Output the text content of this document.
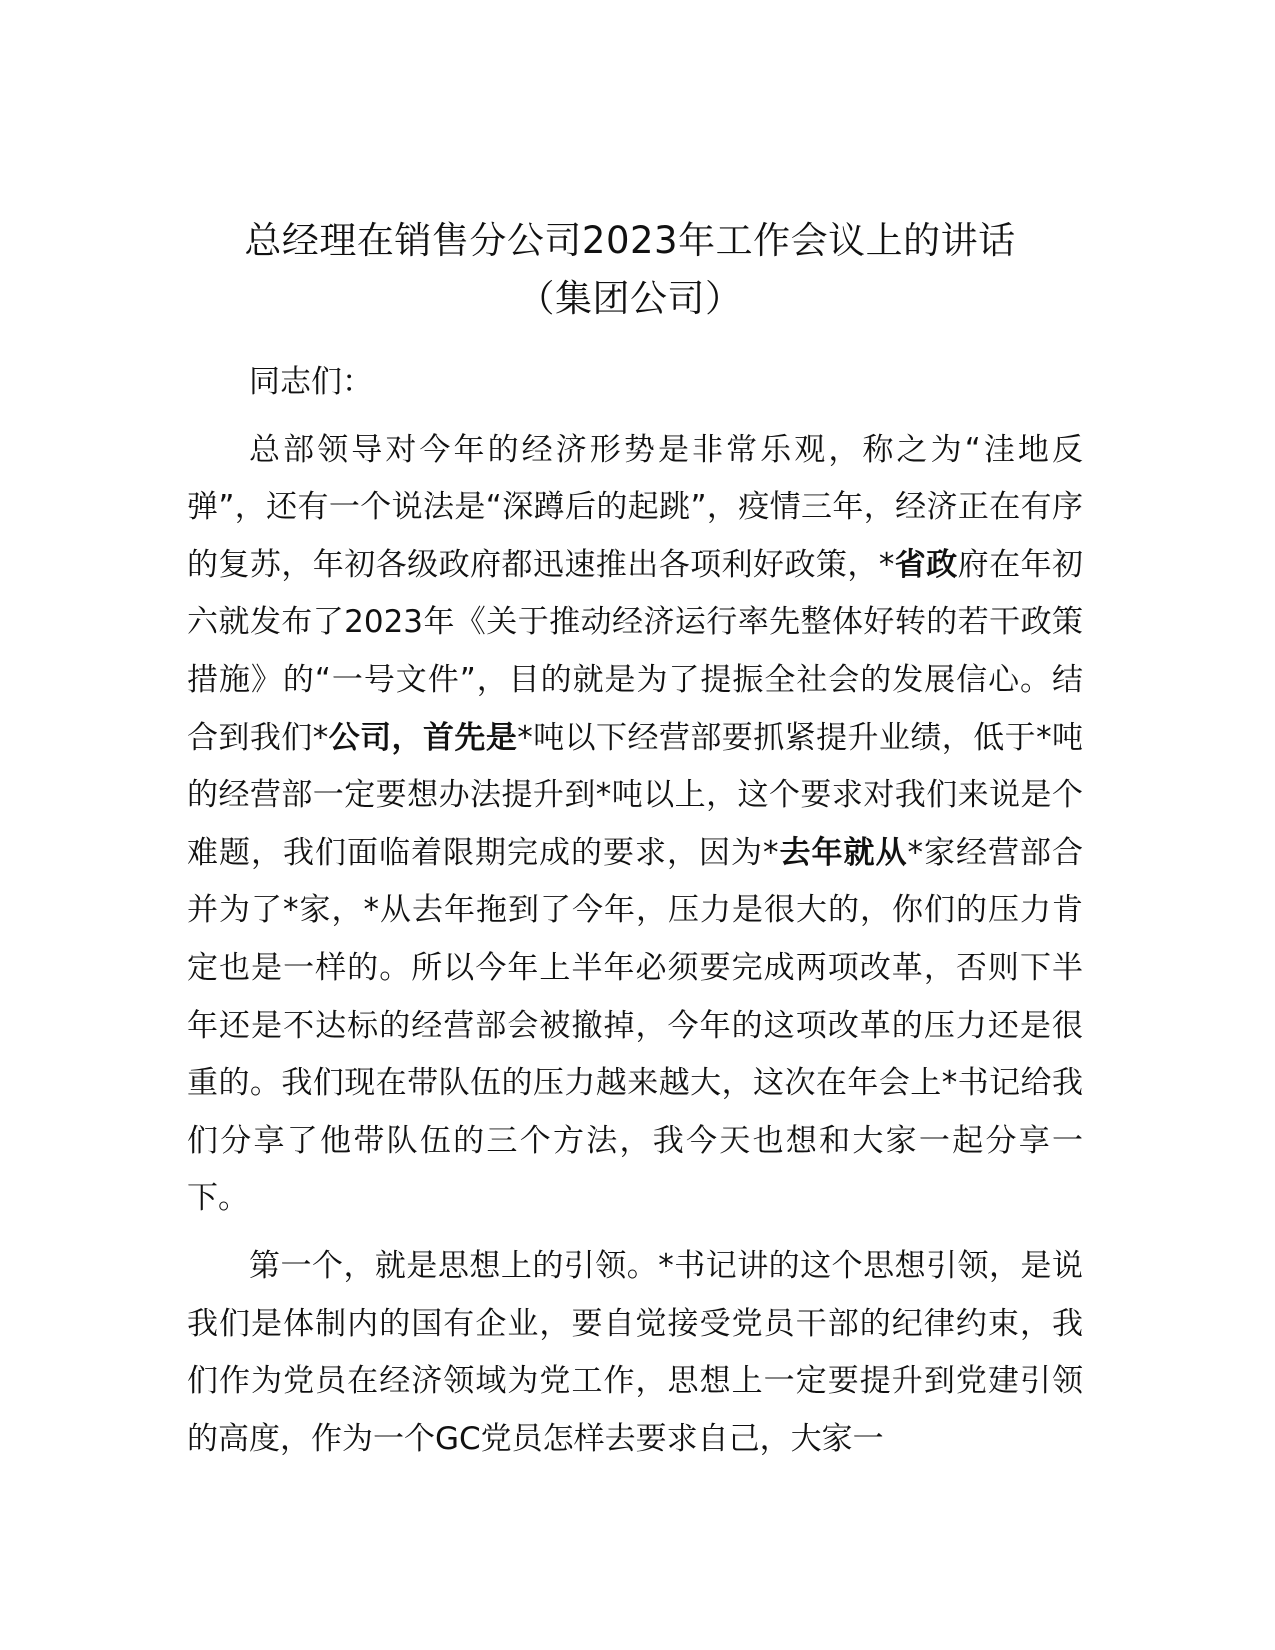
总经理在销售分公司2023年工作会议上的讲话
（集团公司）

同志们：

总部领导对今年的经济形势是非常乐观，称之为“洼地反弹”，还有一个说法是“深蹲后的起跳”，疫情三年，经济正在有序的复苏，年初各级政府都迅速推出各项利好政策，*省政府在年初六就发布了2023年《关于推动经济运行率先整体好转的若干政策措施》的“一号文件”，目的就是为了提振全社会的发展信心。结合到我们*公司，首先是*吨以下经营部要抓紧提升业绩，低于*吨的经营部一定要想办法提升到*吨以上，这个要求对我们来说是个难题，我们面临着限期完成的要求，因为*去年就从*家经营部合并为了*家，*从去年拖到了今年，压力是很大的，你们的压力肯定也是一样的。所以今年上半年必须要完成两项改革，否则下半年还是不达标的经营部会被撤掉，今年的这项改革的压力还是很重的。我们现在带队伍的压力越来越大，这次在年会上*书记给我们分享了他带队伍的三个方法，我今天也想和大家一起分享一下。

第一个，就是思想上的引领。*书记讲的这个思想引领，是说我们是体制内的国有企业，要自觉接受党员干部的纪律约束，我们作为党员在经济领域为党工作，思想上一定要提升到党建引领的高度，作为一个GC党员怎样去要求自己，大家一
